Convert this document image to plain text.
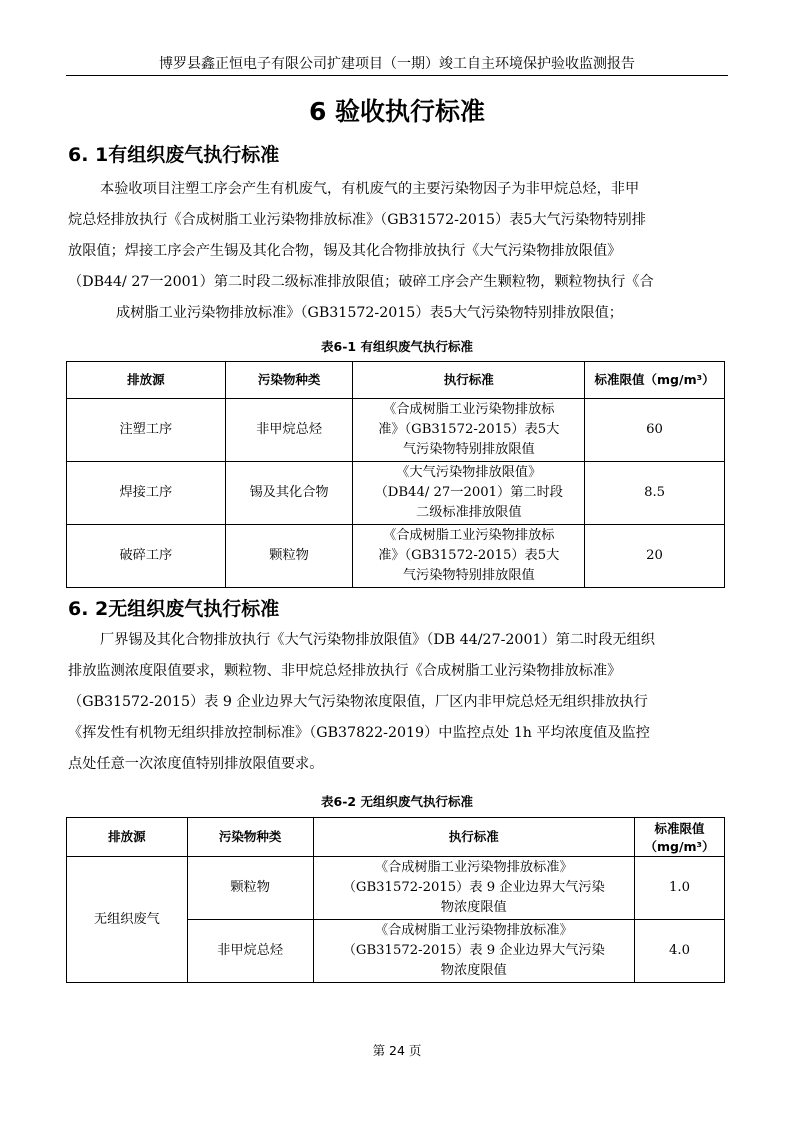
博罗县鑫正恒电子有限公司扩建项目（一期）竣工自主环境保护验收监测报告
6 验收执行标准
6. 1有组织废气执行标准
本验收项目注塑工序会产生有机废气，有机废气的主要污染物因子为非甲烷总烃，非甲
烷总烃排放执行《合成树脂工业污染物排放标准》（GB31572-2015）表5大气污染物特别排
放限值；焊接工序会产生锡及其化合物，锡及其化合物排放执行《大气污染物排放限值》
（DB44/ 27一2001）第二时段二级标准排放限值；破碎工序会产生颗粒物，颗粒物执行《合
成树脂工业污染物排放标准》（GB31572-2015）表5大气污染物特别排放限值；
表6-1 有组织废气执行标准
排放源	污染物种类	执行标准	标准限值（mg/m³）
注塑工序	非甲烷总烃	《合成树脂工业污染物排放标
准》（GB31572-2015）表5大
气污染物特别排放限值	60
焊接工序	锡及其化合物	《大气污染物排放限值》
（DB44/ 27一2001）第二时段
二级标准排放限值	8.5
破碎工序	颗粒物	《合成树脂工业污染物排放标
准》（GB31572-2015）表5大
气污染物特别排放限值	20
6. 2无组织废气执行标准
厂界锡及其化合物排放执行《大气污染物排放限值》（DB 44/27-2001）第二时段无组织
排放监测浓度限值要求，颗粒物、非甲烷总烃排放执行《合成树脂工业污染物排放标准》
（GB31572-2015）表 9 企业边界大气污染物浓度限值，厂区内非甲烷总烃无组织排放执行
《挥发性有机物无组织排放控制标准》（GB37822-2019）中监控点处 1h 平均浓度值及监控
点处任意一次浓度值特别排放限值要求。
表6-2 无组织废气执行标准
排放源	污染物种类	执行标准	标准限值
（mg/m³）

无组织废气	颗粒物	《合成树脂工业污染物排放标准》
（GB31572-2015）表 9 企业边界大气污染
物浓度限值	1.0
	非甲烷总烃	《合成树脂工业污染物排放标准》
（GB31572-2015）表 9 企业边界大气污染
物浓度限值	4.0
第 24 页
